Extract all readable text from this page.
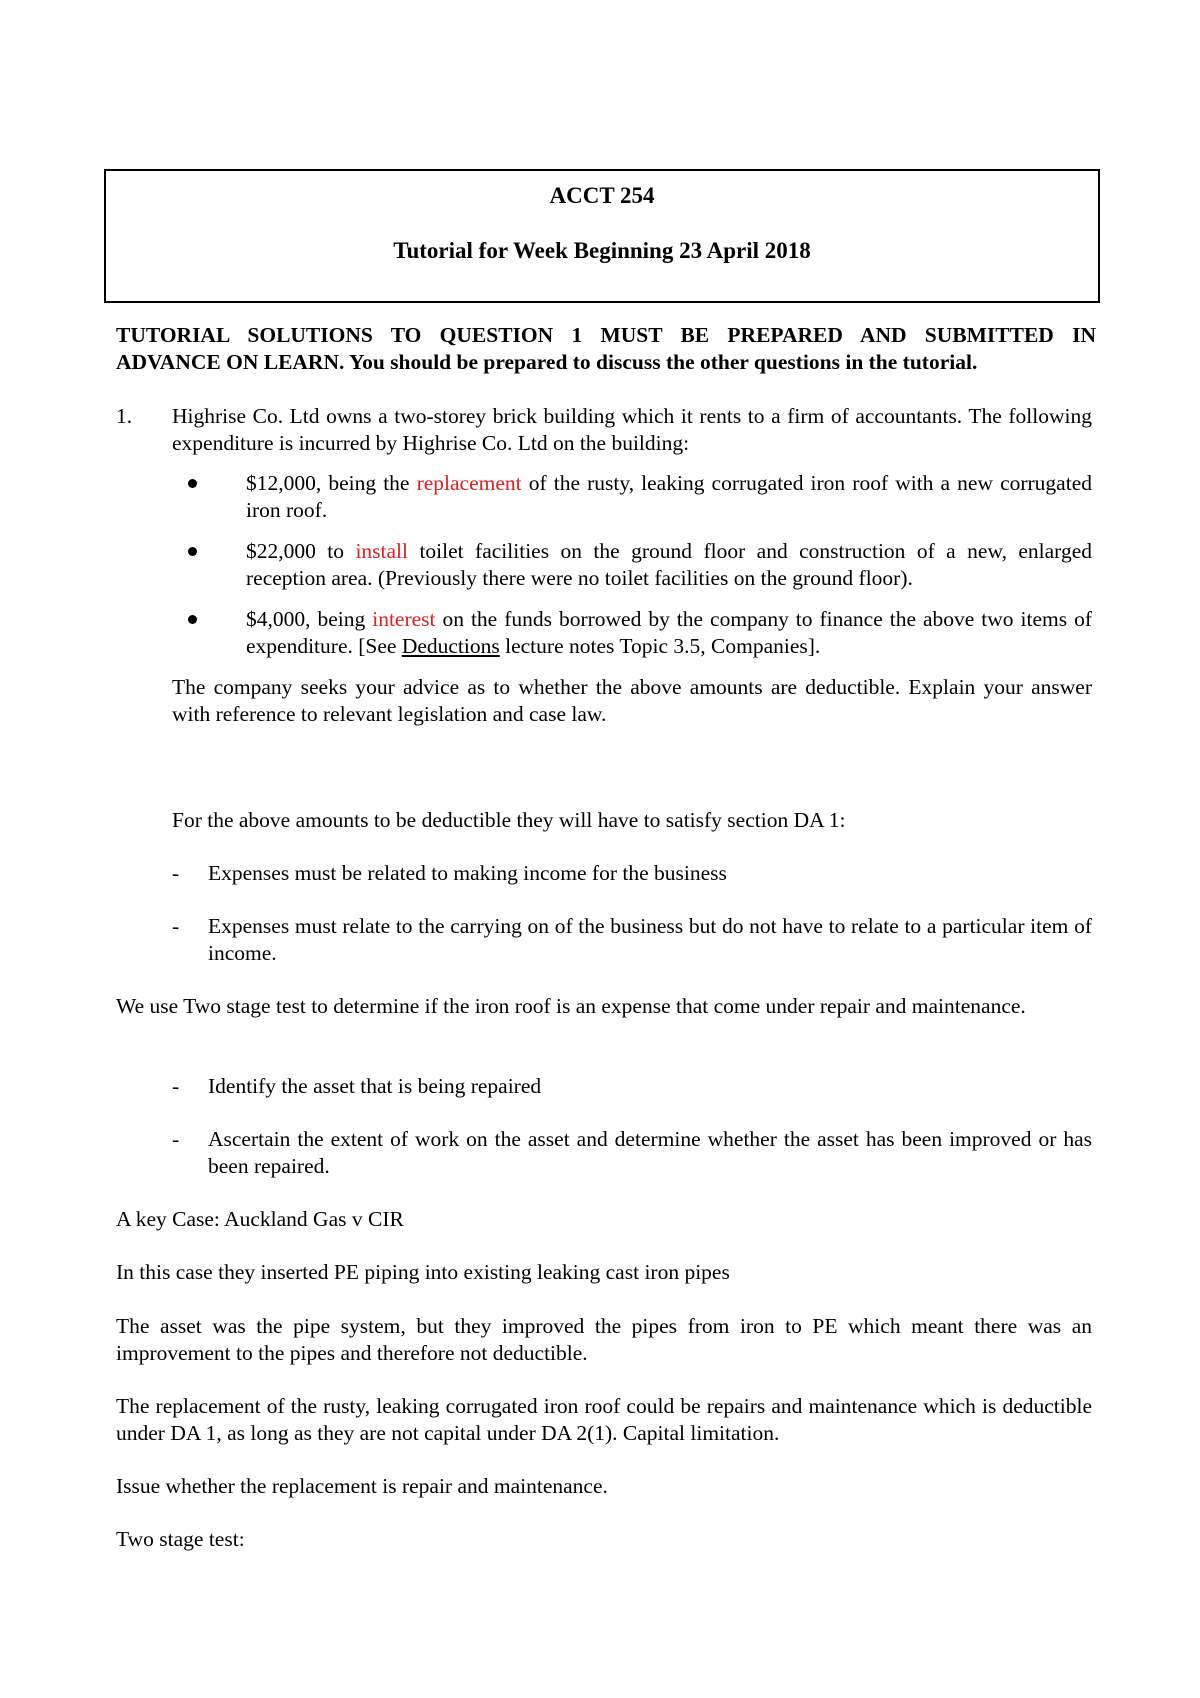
ACCT 254
Tutorial for Week Beginning 23 April 2018
TUTORIAL SOLUTIONS TO QUESTION 1 MUST BE PREPARED AND SUBMITTED IN
ADVANCE ON LEARN. You should be prepared to discuss the other questions in the tutorial.
1. Highrise Co. Ltd owns a two-storey brick building which it rents to a firm of accountants. The following expenditure is incurred by Highrise Co. Ltd on the building:
$12,000, being the replacement of the rusty, leaking corrugated iron roof with a new corrugated iron roof.
$22,000 to install toilet facilities on the ground floor and construction of a new, enlarged reception area. (Previously there were no toilet facilities on the ground floor).
$4,000, being interest on the funds borrowed by the company to finance the above two items of expenditure. [See Deductions lecture notes Topic 3.5, Companies].
The company seeks your advice as to whether the above amounts are deductible. Explain your answer with reference to relevant legislation and case law.
For the above amounts to be deductible they will have to satisfy section DA 1:
- Expenses must be related to making income for the business
- Expenses must relate to the carrying on of the business but do not have to relate to a particular item of income.
We use Two stage test to determine if the iron roof is an expense that come under repair and maintenance.
- Identify the asset that is being repaired
- Ascertain the extent of work on the asset and determine whether the asset has been improved or has been repaired.
A key Case: Auckland Gas v CIR
In this case they inserted PE piping into existing leaking cast iron pipes
The asset was the pipe system, but they improved the pipes from iron to PE which meant there was an improvement to the pipes and therefore not deductible.
The replacement of the rusty, leaking corrugated iron roof could be repairs and maintenance which is deductible under DA 1, as long as they are not capital under DA 2(1). Capital limitation.
Issue whether the replacement is repair and maintenance.
Two stage test:
